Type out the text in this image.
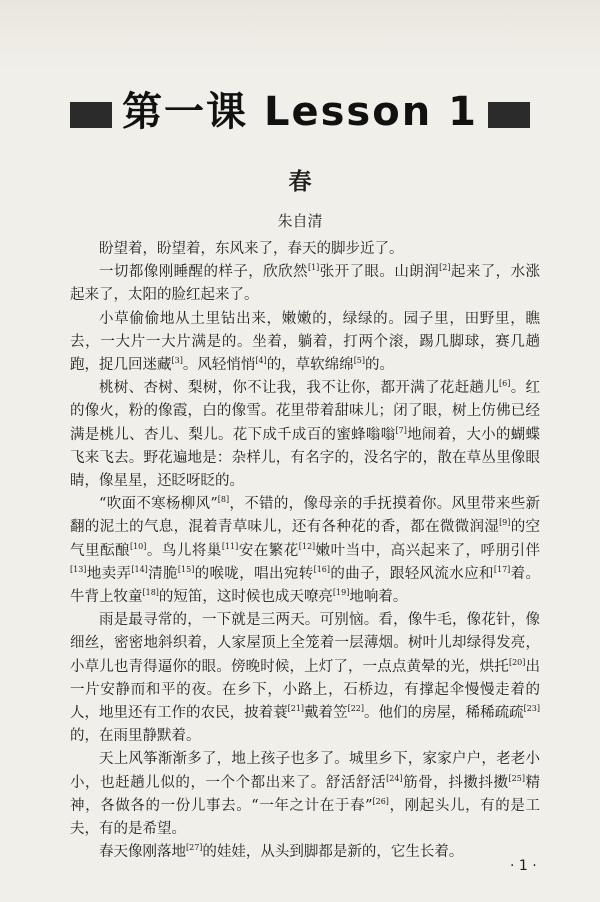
第一课 Lesson 1
春
朱自清

盼望着，盼望着，东风来了，春天的脚步近了。

一切都像刚睡醒的样子，欣欣然[1]张开了眼。山朗润[2]起来了，水涨起来了，太阳的脸红起来了。

小草偷偷地从土里钻出来，嫩嫩的，绿绿的。园子里，田野里，瞧去，一大片一大片满是的。坐着，躺着，打两个滚，踢几脚球，赛几趟跑，捉几回迷藏[3]。风轻悄悄[4]的，草软绵绵[5]的。

桃树、杏树、梨树，你不让我，我不让你，都开满了花赶趟儿[6]。红的像火，粉的像霞，白的像雪。花里带着甜味儿；闭了眼，树上仿佛已经满是桃儿、杏儿、梨儿。花下成千成百的蜜蜂嗡嗡[7]地闹着，大小的蝴蝶飞来飞去。野花遍地是：杂样儿，有名字的，没名字的，散在草丛里像眼睛，像星星，还眨呀眨的。

“吹面不寒杨柳风”[8]，不错的，像母亲的手抚摸着你。风里带来些新翻的泥土的气息，混着青草味儿，还有各种花的香，都在微微润湿[9]的空气里酝酿[10]。鸟儿将巢[11]安在繁花[12]嫩叶当中，高兴起来了，呼朋引伴[13]地卖弄[14]清脆[15]的喉咙，唱出宛转[16]的曲子，跟轻风流水应和[17]着。牛背上牧童[18]的短笛，这时候也成天嘹亮[19]地响着。

雨是最寻常的，一下就是三两天。可别恼。看，像牛毛，像花针，像细丝，密密地斜织着，人家屋顶上全笼着一层薄烟。树叶儿却绿得发亮，小草儿也青得逼你的眼。傍晚时候，上灯了，一点点黄晕的光，烘托[20]出一片安静而和平的夜。在乡下，小路上，石桥边，有撑起伞慢慢走着的人，地里还有工作的农民，披着蓑[21]戴着笠[22]。他们的房屋，稀稀疏疏[23]的，在雨里静默着。

天上风筝渐渐多了，地上孩子也多了。城里乡下，家家户户，老老小小，也赶趟儿似的，一个个都出来了。舒活舒活[24]筋骨，抖擞抖擞[25]精神，各做各的一份儿事去。“一年之计在于春”[26]，刚起头儿，有的是工夫，有的是希望。

春天像刚落地[27]的娃娃，从头到脚都是新的，它生长着。

· 1 ·
